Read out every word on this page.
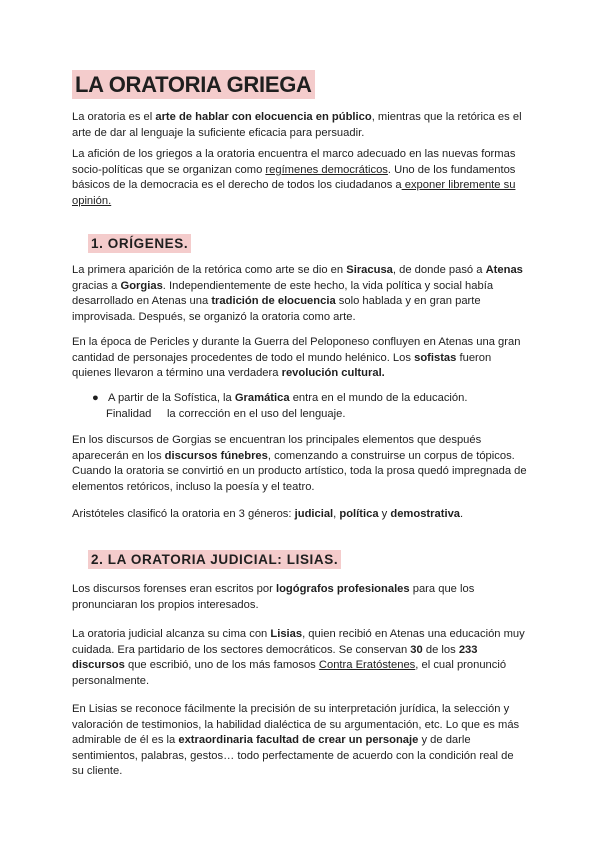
LA ORATORIA GRIEGA

La oratoria es el arte de hablar con elocuencia en público, mientras que la retórica es el arte de dar al lenguaje la suficiente eficacia para persuadir.

La afición de los griegos a la oratoria encuentra el marco adecuado en las nuevas formas socio-políticas que se organizan como regímenes democráticos. Uno de los fundamentos básicos de la democracia es el derecho de todos los ciudadanos a exponer libremente su opinión.

1. ORÍGENES.

La primera aparición de la retórica como arte se dio en Siracusa, de donde pasó a Atenas gracias a Gorgias. Independientemente de este hecho, la vida política y social había desarrollado en Atenas una tradición de elocuencia solo hablada y en gran parte improvisada. Después, se organizó la oratoria como arte.

En la época de Pericles y durante la Guerra del Peloponeso confluyen en Atenas una gran cantidad de personajes procedentes de todo el mundo helénico. Los sofistas fueron quienes llevaron a término una verdadera revolución cultural.

● A partir de la Sofística, la Gramática entra en el mundo de la educación.
Finalidad     la corrección en el uso del lenguaje.

En los discursos de Gorgias se encuentran los principales elementos que después aparecerán en los discursos fúnebres, comenzando a construirse un corpus de tópicos. Cuando la oratoria se convirtió en un producto artístico, toda la prosa quedó impregnada de elementos retóricos, incluso la poesía y el teatro.

Aristóteles clasificó la oratoria en 3 géneros: judicial, política y demostrativa.

2. LA ORATORIA JUDICIAL: LISIAS.

Los discursos forenses eran escritos por logógrafos profesionales para que los pronunciaran los propios interesados.

La oratoria judicial alcanza su cima con Lisias, quien recibió en Atenas una educación muy cuidada. Era partidario de los sectores democráticos. Se conservan 30 de los 233 discursos que escribió, uno de los más famosos Contra Eratóstenes, el cual pronunció personalmente.

En Lisias se reconoce fácilmente la precisión de su interpretación jurídica, la selección y valoración de testimonios, la habilidad dialéctica de su argumentación, etc. Lo que es más admirable de él es la extraordinaria facultad de crear un personaje y de darle sentimientos, palabras, gestos… todo perfectamente de acuerdo con la condición real de su cliente.
